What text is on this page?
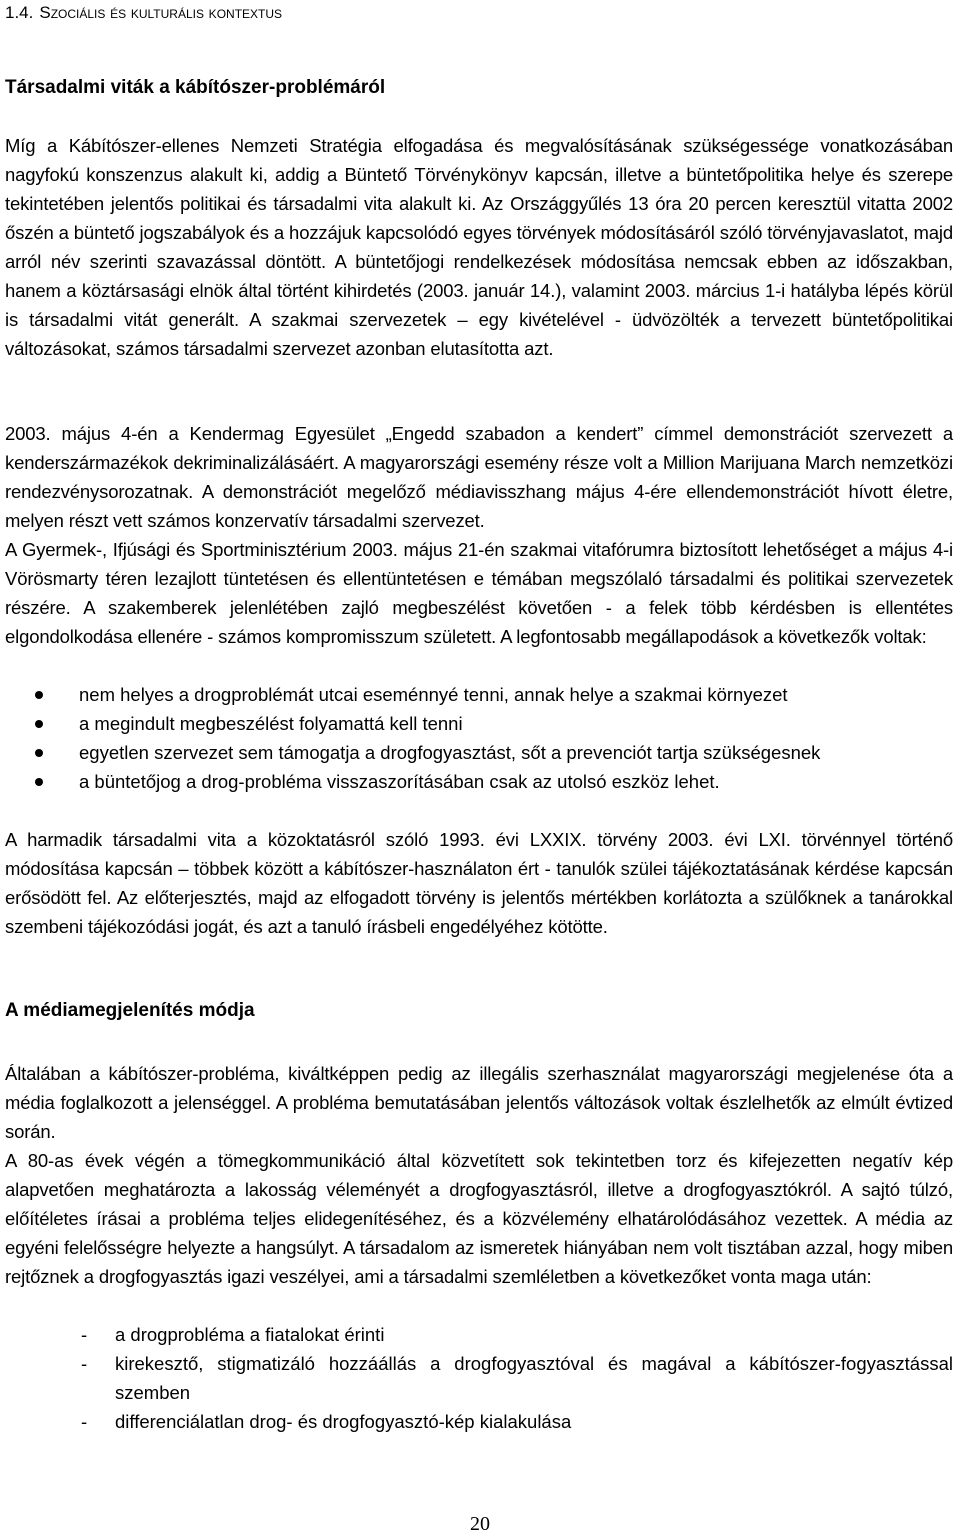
1.4. Szociális és kulturális kontextus
Társadalmi viták a kábítószer-problémáról

Míg a Kábítószer-ellenes Nemzeti Stratégia elfogadása és megvalósításának szükségessége vonatkozásában nagyfokú konszenzus alakult ki, addig a Büntető Törvénykönyv kapcsán, illetve a büntetőpolitika helye és szerepe tekintetében jelentős politikai és társadalmi vita alakult ki. Az Országgyűlés 13 óra 20 percen keresztül vitatta 2002 őszén a büntető jogszabályok és a hozzájuk kapcsolódó egyes törvények módosításáról szóló törvényjavaslatot, majd arról név szerinti szavazással döntött. A büntetőjogi rendelkezések módosítása nemcsak ebben az időszakban, hanem a köztársasági elnök által történt kihirdetés (2003. január 14.), valamint 2003. március 1-i hatályba lépés körül is társadalmi vitát generált. A szakmai szervezetek – egy kivételével - üdvözölték a tervezett büntetőpolitikai változásokat, számos társadalmi szervezet azonban elutasította azt.

2003. május 4-én a Kendermag Egyesület „Engedd szabadon a kendert” címmel demonstrációt szervezett a kenderszármazékok dekriminalizálásáért. A magyarországi esemény része volt a Million Marijuana March nemzetközi rendezvénysorozatnak. A demonstrációt megelőző médiavisszhang május 4-ére ellendemonstrációt hívott életre, melyen részt vett számos konzervatív társadalmi szervezet.

A Gyermek-, Ifjúsági és Sportminisztérium 2003. május 21-én szakmai vitafórumra biztosított lehetőséget a május 4-i Vörösmarty téren lezajlott tüntetésen és ellentüntetésen e témában megszólaló társadalmi és politikai szervezetek részére. A szakemberek jelenlétében zajló megbeszélést követően - a felek több kérdésben is ellentétes elgondolkodása ellenére - számos kompromisszum született. A legfontosabb megállapodások a következők voltak:

nem helyes a drogproblémát utcai eseménnyé tenni, annak helye a szakmai környezet
a megindult megbeszélést folyamattá kell tenni
egyetlen szervezet sem támogatja a drogfogyasztást, sőt a prevenciót tartja szükségesnek
a büntetőjog a drog-probléma visszaszorításában csak az utolsó eszköz lehet.

A harmadik társadalmi vita a közoktatásról szóló 1993. évi LXXIX. törvény 2003. évi LXI. törvénnyel történő módosítása kapcsán – többek között a kábítószer-használaton ért - tanulók szülei tájékoztatásának kérdése kapcsán erősödött fel. Az előterjesztés, majd az elfogadott törvény is jelentős mértékben korlátozta a szülőknek a tanárokkal szembeni tájékozódási jogát, és azt a tanuló írásbeli engedélyéhez kötötte.

A médiamegjelenítés módja

Általában a kábítószer-probléma, kiváltképpen pedig az illegális szerhasználat magyarországi megjelenése óta a média foglalkozott a jelenséggel. A probléma bemutatásában jelentős változások voltak észlelhetők az elmúlt évtized során.

A 80-as évek végén a tömegkommunikáció által közvetített sok tekintetben torz és kifejezetten negatív kép alapvetően meghatározta a lakosság véleményét a drogfogyasztásról, illetve a drogfogyasztókról. A sajtó túlzó, előítéletes írásai a probléma teljes elidegenítéséhez, és a közvélemény elhatárolódásához vezettek. A média az egyéni felelősségre helyezte a hangsúlyt. A társadalom az ismeretek hiányában nem volt tisztában azzal, hogy miben rejtőznek a drogfogyasztás igazi veszélyei, ami a társadalmi szemléletben a következőket vonta maga után:

- a drogprobléma a fiatalokat érinti
- kirekesztő, stigmatizáló hozzáállás a drogfogyasztóval és magával a kábítószer-fogyasztással szemben
- differenciálatlan drog- és drogfogyasztó-kép kialakulása
20
